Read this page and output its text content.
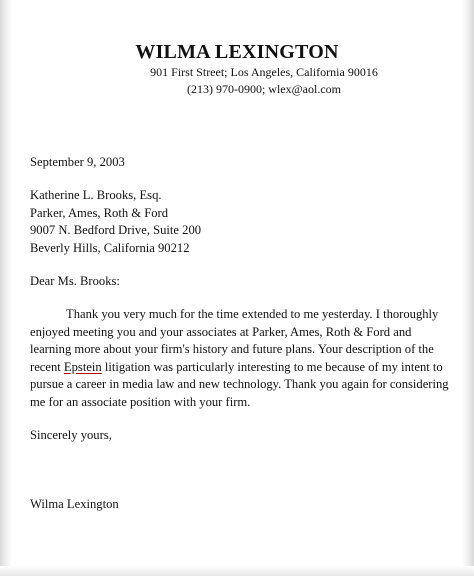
WILMA LEXINGTON
901 First Street; Los Angeles, California 90016
(213) 970-0900; wlex@aol.com
September 9, 2003
Katherine L. Brooks, Esq.
Parker, Ames, Roth & Ford
9007 N. Bedford Drive, Suite 200
Beverly Hills, California 90212
Dear Ms. Brooks:
Thank you very much for the time extended to me yesterday. I thoroughly enjoyed meeting you and your associates at Parker, Ames, Roth & Ford and learning more about your firm's history and future plans. Your description of the recent Epstein litigation was particularly interesting to me because of my intent to pursue a career in media law and new technology. Thank you again for considering me for an associate position with your firm.
Sincerely yours,
Wilma Lexington
